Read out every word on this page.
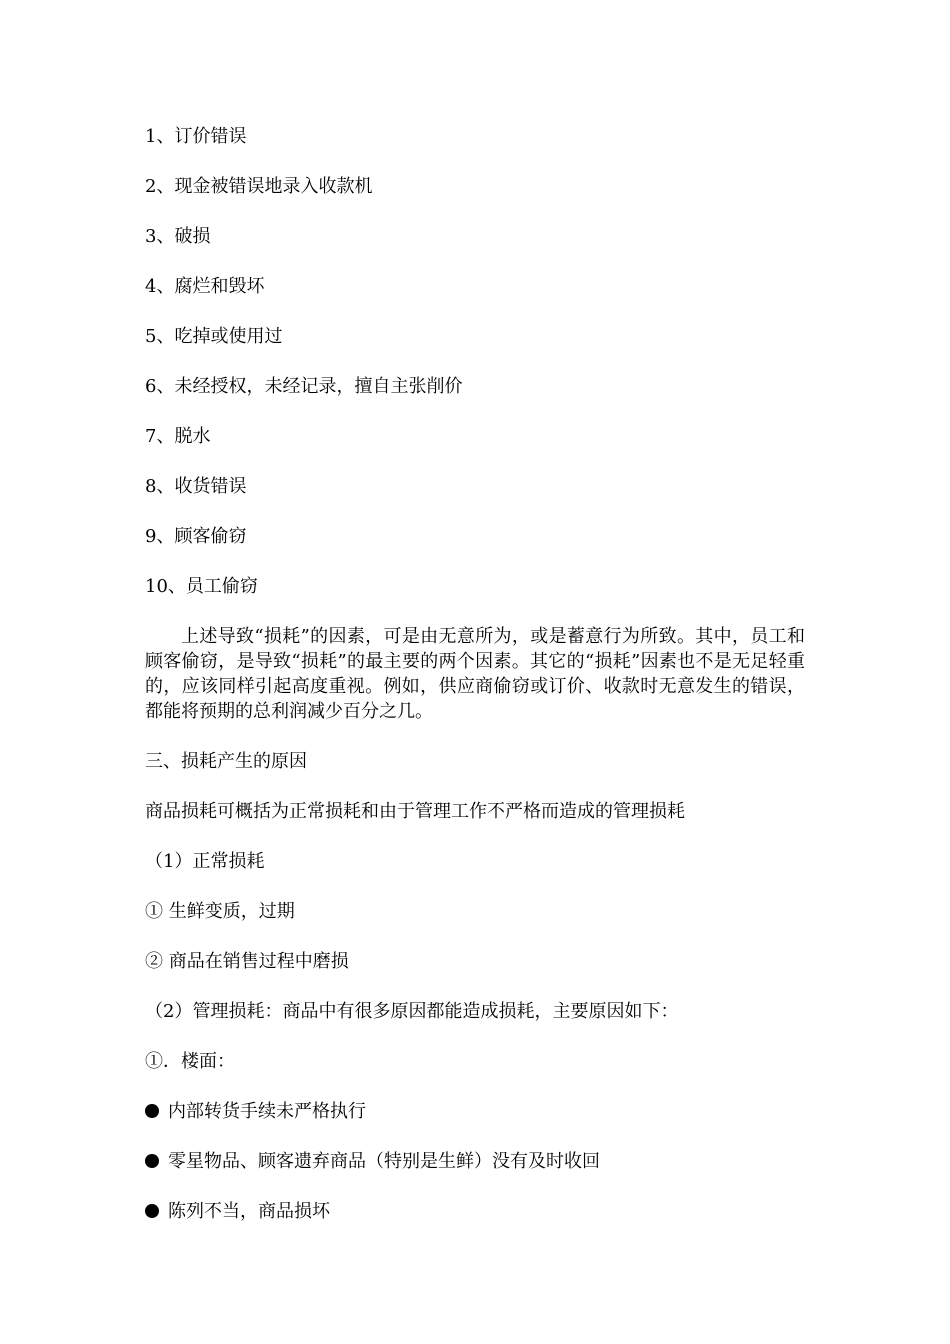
1、订价错误
2、现金被错误地录入收款机
3、破损
4、腐烂和毁坏
5、吃掉或使用过
6、未经授权，未经记录，擅自主张削价
7、脱水
8、收货错误
9、顾客偷窃
10、员工偷窃
上述导致“损耗”的因素，可是由无意所为，或是蓄意行为所致。其中，员工和顾客偷窃，是导致“损耗”的最主要的两个因素。其它的“损耗”因素也不是无足轻重的，应该同样引起高度重视。例如，供应商偷窃或订价、收款时无意发生的错误，都能将预期的总利润减少百分之几。
三、损耗产生的原因
商品损耗可概括为正常损耗和由于管理工作不严格而造成的管理损耗
（1）正常损耗
① 生鲜变质，过期
② 商品在销售过程中磨损
（2）管理损耗：商品中有很多原因都能造成损耗，主要原因如下：
①．楼面：
内部转货手续未严格执行
零星物品、顾客遗弃商品（特别是生鲜）没有及时收回
陈列不当，商品损坏
